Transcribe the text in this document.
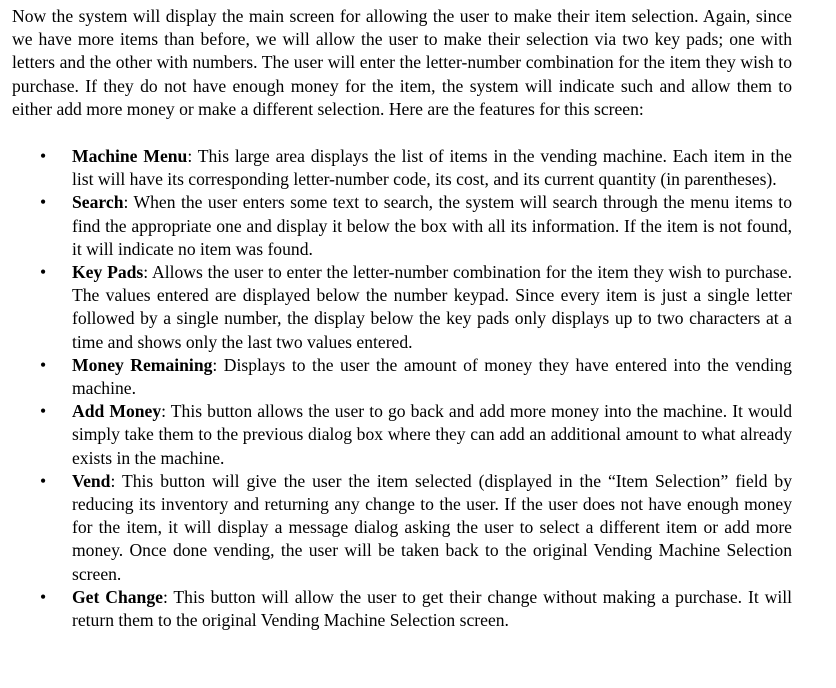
Now the system will display the main screen for allowing the user to make their item selection. Again, since we have more items than before, we will allow the user to make their selection via two key pads; one with letters and the other with numbers. The user will enter the letter-number combination for the item they wish to purchase. If they do not have enough money for the item, the system will indicate such and allow them to either add more money or make a different selection. Here are the features for this screen:

• Machine Menu: This large area displays the list of items in the vending machine. Each item in the list will have its corresponding letter-number code, its cost, and its current quantity (in parentheses).
• Search: When the user enters some text to search, the system will search through the menu items to find the appropriate one and display it below the box with all its information. If the item is not found, it will indicate no item was found.
• Key Pads: Allows the user to enter the letter-number combination for the item they wish to purchase. The values entered are displayed below the number keypad. Since every item is just a single letter followed by a single number, the display below the key pads only displays up to two characters at a time and shows only the last two values entered.
• Money Remaining: Displays to the user the amount of money they have entered into the vending machine.
• Add Money: This button allows the user to go back and add more money into the machine. It would simply take them to the previous dialog box where they can add an additional amount to what already exists in the machine.
• Vend: This button will give the user the item selected (displayed in the “Item Selection” field by reducing its inventory and returning any change to the user. If the user does not have enough money for the item, it will display a message dialog asking the user to select a different item or add more money. Once done vending, the user will be taken back to the original Vending Machine Selection screen.
• Get Change: This button will allow the user to get their change without making a purchase. It will return them to the original Vending Machine Selection screen.
